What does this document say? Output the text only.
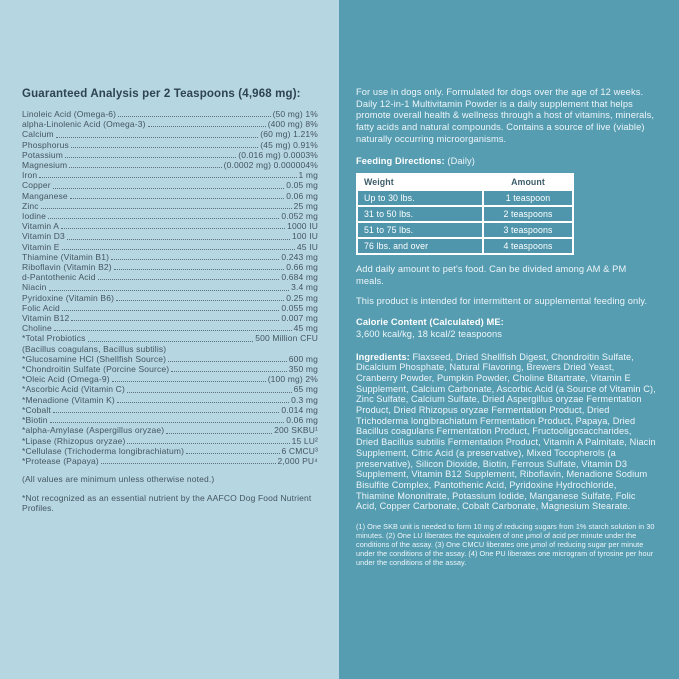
Guaranteed Analysis per 2 Teaspoons (4,968 mg):
Linoleic Acid (Omega-6)	(50 mg) 1%
alpha-Linolenic Acid (Omega-3)	(400 mg) 8%
Calcium	(60 mg) 1.21%
Phosphorus	(45 mg) 0.91%
Potassium	(0.016 mg) 0.0003%
Magnesium	(0.0002 mg) 0.000004%
Iron	1 mg
Copper	0.05 mg
Manganese	0.06 mg
Zinc	25 mg
Iodine	0.052 mg
Vitamin A	1000 IU
Vitamin D3	100 IU
Vitamin E	45 IU
Thiamine (Vitamin B1)	0.243 mg
Riboflavin (Vitamin B2)	0.66 mg
d-Pantothenic Acid	0.684 mg
Niacin	3.4 mg
Pyridoxine (Vitamin B6)	0.25 mg
Folic Acid	0.055 mg
Vitamin B12	0.007 mg
Choline	45 mg
*Total Probiotics	500 Million CFU
(Bacillus coagulans, Bacillus subtilis)
*Glucosamine HCl (Shellfish Source)	600 mg
*Chondroitin Sulfate (Porcine Source)	350 mg
*Oleic Acid (Omega-9)	(100 mg) 2%
*Ascorbic Acid (Vitamin C)	65 mg
*Menadione (Vitamin K)	0.3 mg
*Cobalt	0.014 mg
*Biotin	0.06 mg
*alpha-Amylase (Aspergillus oryzae)	200 SKBU¹
*Lipase (Rhizopus oryzae)	15 LU²
*Cellulase (Trichoderma longibrachiatum)	6 CMCU³
*Protease (Papaya)	2,000 PU⁴

(All values are minimum unless otherwise noted.)

*Not recognized as an essential nutrient by the AAFCO Dog Food Nutrient Profiles.

For use in dogs only. Formulated for dogs over the age of 12 weeks. Daily 12-in-1 Multivitamin Powder is a daily supplement that helps promote overall health & wellness through a host of vitamins, minerals, fatty acids and natural compounds. Contains a source of live (viable) naturally occurring microorganisms.

Feeding Directions: (Daily)

Weight	Amount
Up to 30 lbs.	1 teaspoon
31 to 50 lbs.	2 teaspoons
51 to 75 lbs.	3 teaspoons
76 lbs. and over	4 teaspoons

Add daily amount to pet's food. Can be divided among AM & PM meals.

This product is intended for intermittent or supplemental feeding only.

Calorie Content (Calculated) ME:

3,600 kcal/kg, 18 kcal/2 teaspoons

Ingredients: Flaxseed, Dried Shellfish Digest, Chondroitin Sulfate, Dicalcium Phosphate, Natural Flavoring, Brewers Dried Yeast, Cranberry Powder, Pumpkin Powder, Choline Bitartrate, Vitamin E Supplement, Calcium Carbonate, Ascorbic Acid (a Source of Vitamin C), Zinc Sulfate, Calcium Sulfate, Dried Aspergillus oryzae Fermentation Product, Dried Rhizopus oryzae Fermentation Product, Dried Trichoderma longibrachiatum Fermentation Product, Papaya, Dried Bacillus coagulans Fermentation Product, Fructooligosaccharides, Dried Bacillus subtilis Fermentation Product, Vitamin A Palmitate, Niacin Supplement, Citric Acid (a preservative), Mixed Tocopherols (a preservative), Silicon Dioxide, Biotin, Ferrous Sulfate, Vitamin D3 Supplement, Vitamin B12 Supplement, Riboflavin, Menadione Sodium Bisulfite Complex, Pantothenic Acid, Pyridoxine Hydrochloride, Thiamine Mononitrate, Potassium Iodide, Manganese Sulfate, Folic Acid, Copper Carbonate, Cobalt Carbonate, Magnesium Stearate.

(1) One SKB unit is needed to form 10 mg of reducing sugars from 1% starch solution in 30 minutes. (2) One LU liberates the equivalent of one μmol of acid per minute under the conditions of the assay. (3) One CMCU liberates one μmol of reducing sugar per minute under the conditions of the assay. (4) One PU liberates one microgram of tyrosine per hour under the conditions of the assay.
